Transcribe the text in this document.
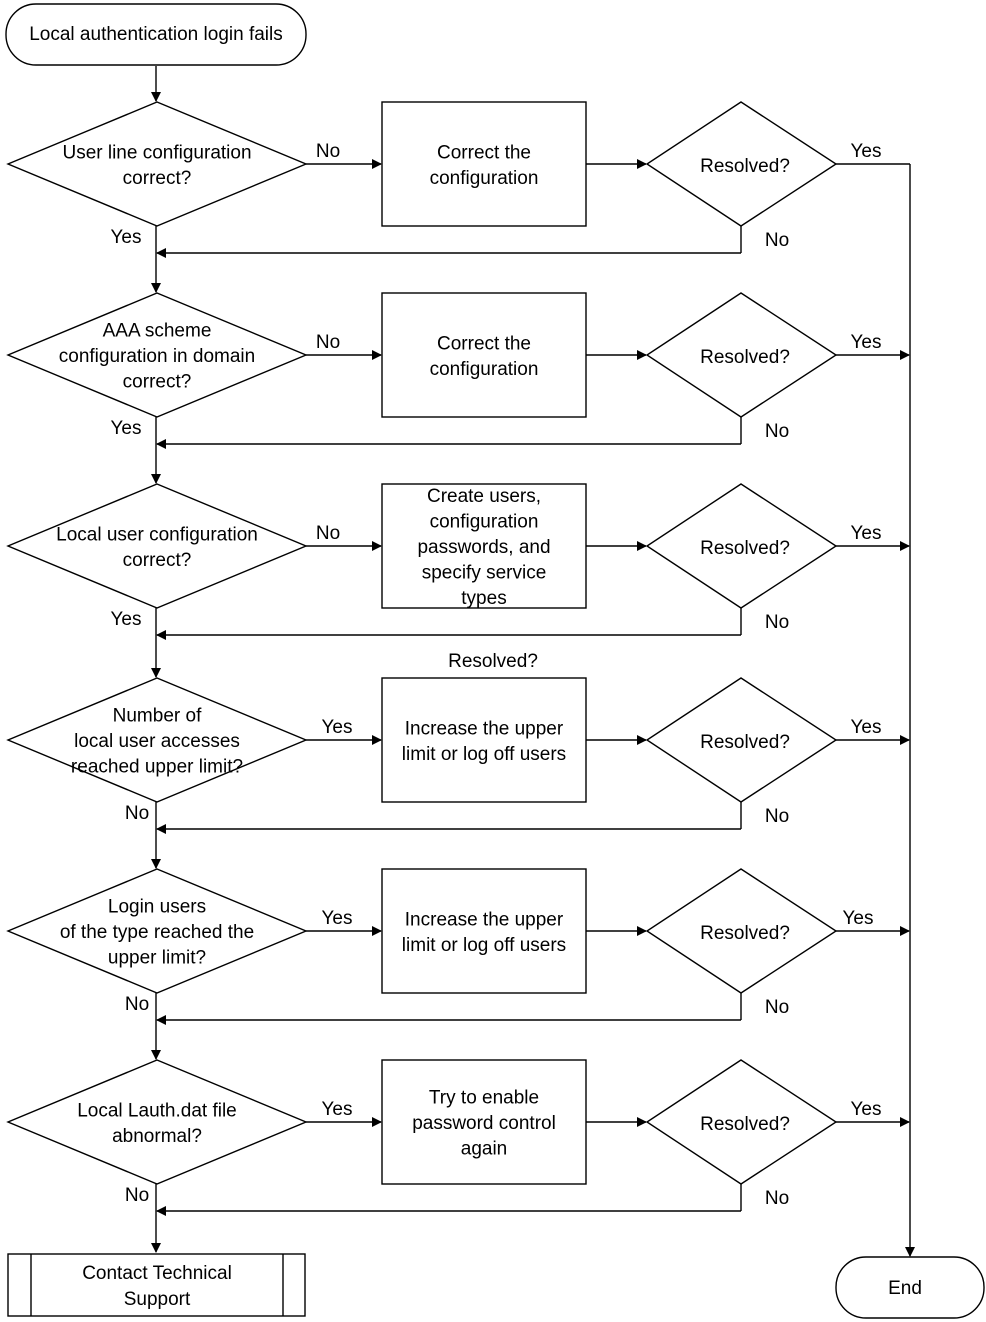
Local authentication login fails
User line configuration
correct?
No	Correct the
configuration
Resolved?
Yes
No
Yes
AAA scheme
configuration in domain
correct?
No	Correct the
configuration
Resolved?
Yes
No
Yes
Local user configuration
correct?
No
Create users,
configuration
passwords, and
specify service
types
Resolved?
Yes
No
Yes
Number of
local user accesses
reached upper limit?
Yes	Increase the upper
limit or log off users
Resolved?
Yes
No
No
Login users
of the type reached the
upper limit?
Yes	Increase the upper
limit or log off users
Resolved?
Yes
No
No
Local Lauth.dat file
abnormal?
Yes
Try to enable
password control
again
Resolved?
Yes
No
No
Resolved?
Contact Technical
Support
End
